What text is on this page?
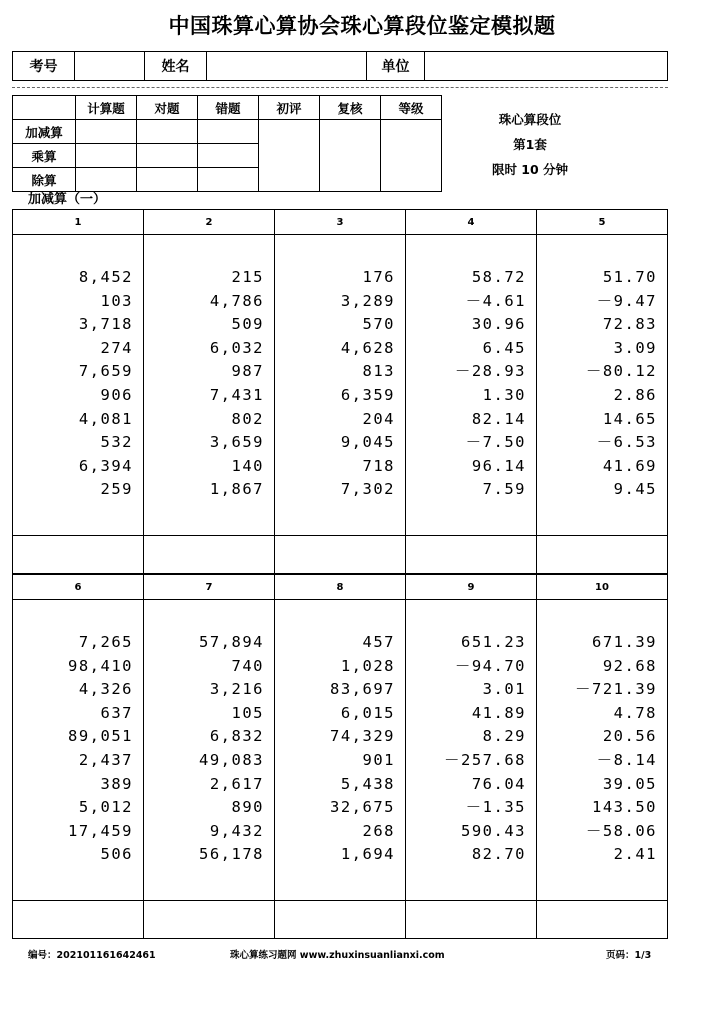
中国珠算心算协会珠心算段位鉴定模拟题
考号	姓名	单位
	计算题	对题	错题	初评	复核	等级
加减算						
乘算						
除算						
珠心算段位
第1套
限时 10 分钟
加减算（一）
1
8,452
103
3,718
274
7,659
906
4,081
532
6,394
259
2
215
4,786
509
6,032
987
7,431
802
3,659
140
1,867
3
176
3,289
570
4,628
813
6,359
204
9,045
718
7,302
4
58.72
－4.61
30.96
6.45
－28.93
1.30
82.14
－7.50
96.14
7.59
5
51.70
－9.47
72.83
3.09
－80.12
2.86
14.65
－6.53
41.69
9.45
6
7,265
98,410
4,326
637
89,051
2,437
389
5,012
17,459
506
7
57,894
740
3,216
105
6,832
49,083
2,617
890
9,432
56,178
8
457
1,028
83,697
6,015
74,329
901
5,438
32,675
268
1,694
9
651.23
－94.70
3.01
41.89
8.29
－257.68
76.04
－1.35
590.43
82.70
10
671.39
92.68
－721.39
4.78
20.56
－8.14
39.05
143.50
－58.06
2.41
编号：202101161642461	珠心算练习题网 www.zhuxinsuanlianxi.com	页码：1/3
